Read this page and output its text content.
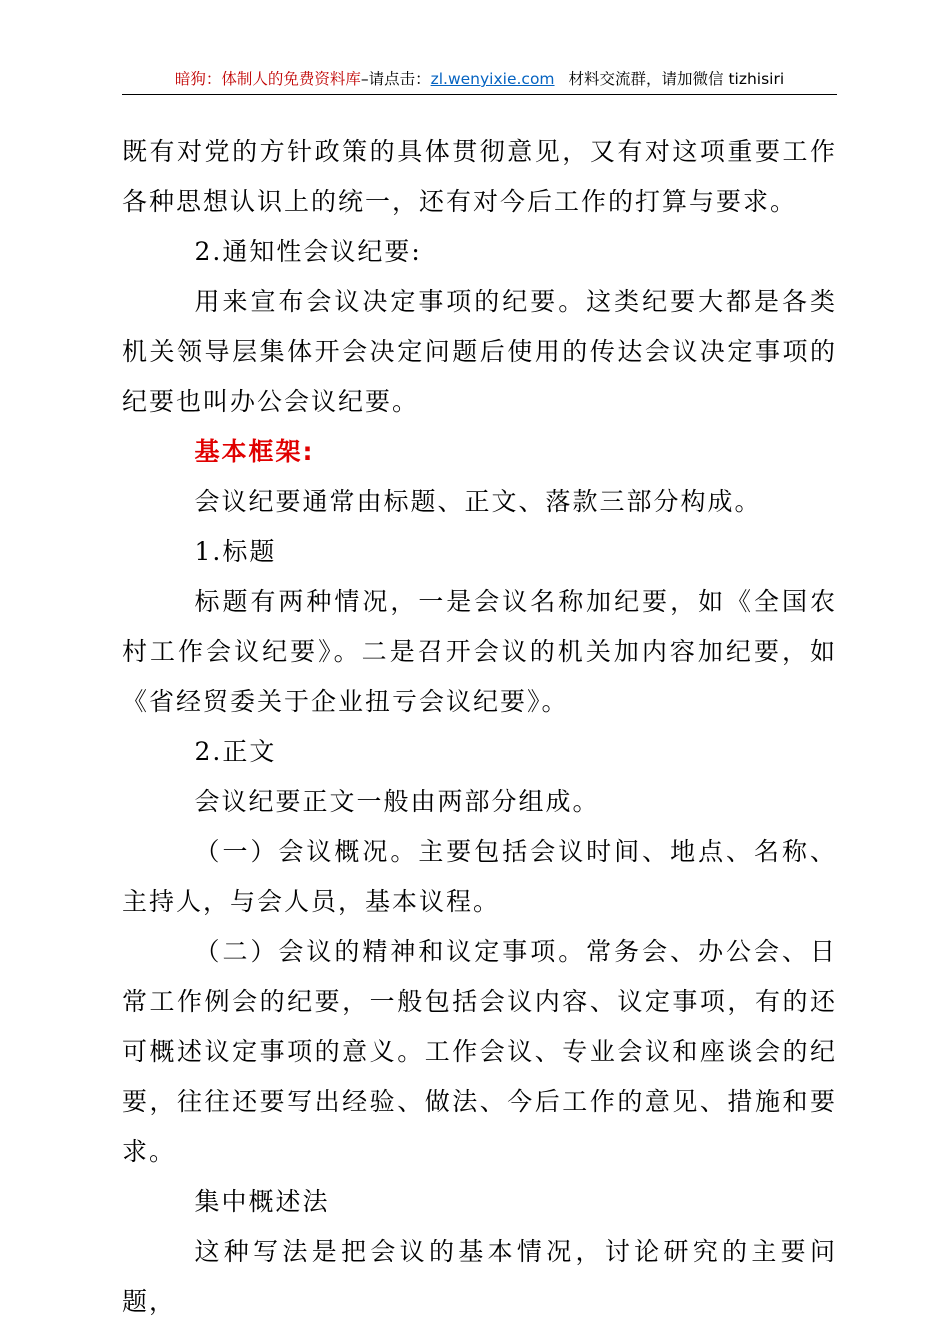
暗狗：体制人的免费资料库–请点击：zl.wenyixie.com 材料交流群，请加微信 tizhisiri

既有对党的方针政策的具体贯彻意见，又有对这项重要工作各种思想认识上的统一，还有对今后工作的打算与要求。

2.通知性会议纪要:

用来宣布会议决定事项的纪要。这类纪要大都是各类机关领导层集体开会决定问题后使用的传达会议决定事项的纪要也叫办公会议纪要。

基本框架:

会议纪要通常由标题、正文、落款三部分构成。

1.标题

标题有两种情况，一是会议名称加纪要，如《全国农村工作会议纪要》。二是召开会议的机关加内容加纪要，如《省经贸委关于企业扭亏会议纪要》。

2.正文

会议纪要正文一般由两部分组成。

（一）会议概况。主要包括会议时间、地点、名称、主持人，与会人员，基本议程。

（二）会议的精神和议定事项。常务会、办公会、日常工作例会的纪要，一般包括会议内容、议定事项，有的还可概述议定事项的意义。工作会议、专业会议和座谈会的纪要，往往还要写出经验、做法、今后工作的意见、措施和要求。

集中概述法

这种写法是把会议的基本情况，讨论研究的主要问题，
